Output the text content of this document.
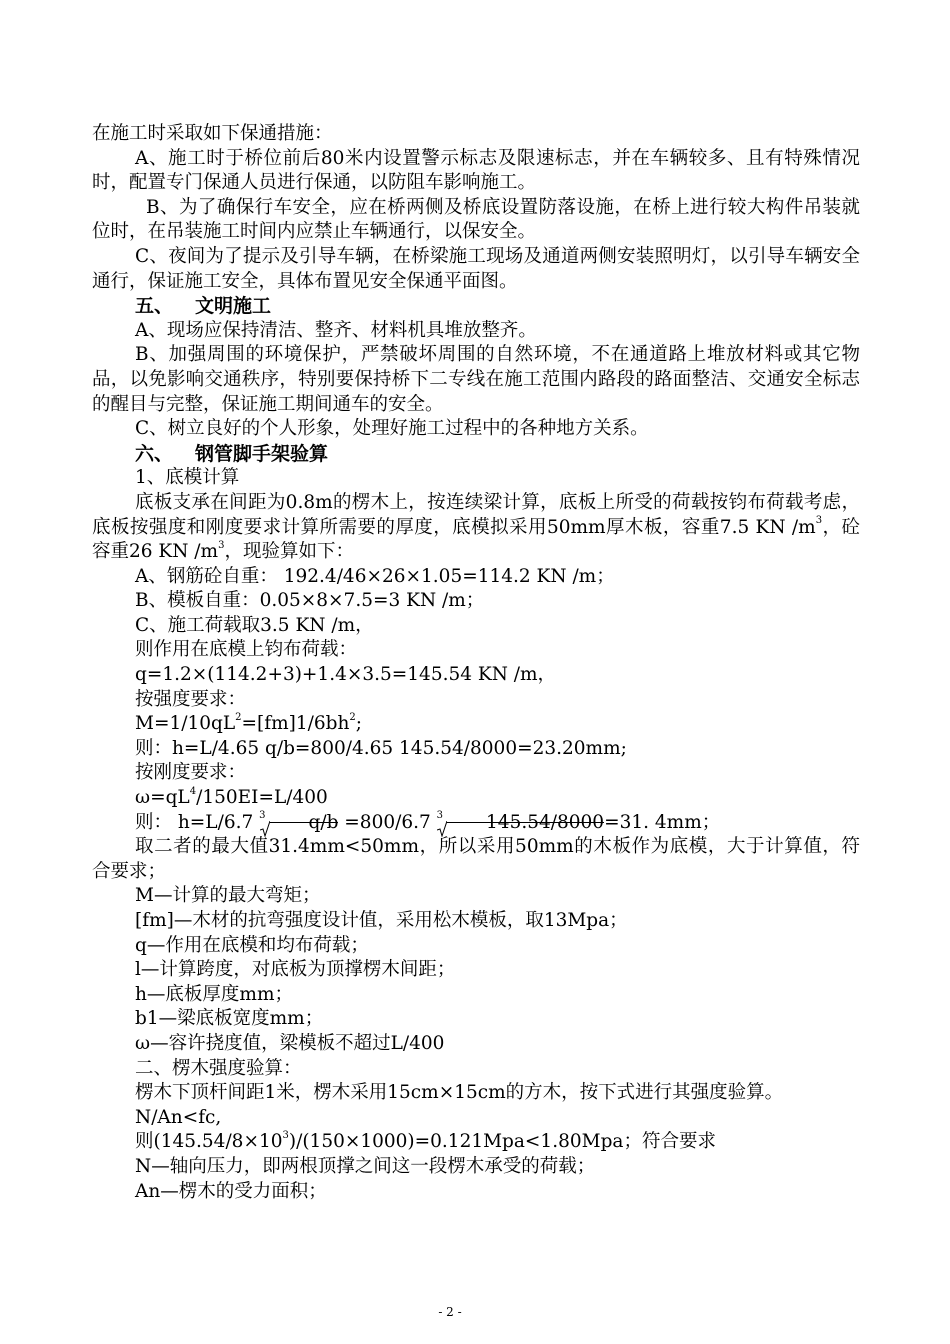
在施工时采取如下保通措施：

A、施工时于桥位前后80米内设置警示标志及限速标志，并在车辆较多、且有特殊情况时，配置专门保通人员进行保通，以防阻车影响施工。

B、为了确保行车安全，应在桥两侧及桥底设置防落设施，在桥上进行较大构件吊装就位时，在吊装施工时间内应禁止车辆通行，以保安全。

C、夜间为了提示及引导车辆，在桥梁施工现场及通道两侧安装照明灯，以引导车辆安全通行，保证施工安全，具体布置见安全保通平面图。

五、 文明施工

A、现场应保持清洁、整齐、材料机具堆放整齐。

B、加强周围的环境保护，严禁破坏周围的自然环境，不在通道路上堆放材料或其它物品，以免影响交通秩序，特别要保持桥下二专线在施工范围内路段的路面整洁、交通安全标志的醒目与完整，保证施工期间通车的安全。

C、树立良好的个人形象，处理好施工过程中的各种地方关系。

六、 钢管脚手架验算

1、底模计算

底板支承在间距为0.8m的楞木上，按连续梁计算，底板上所受的荷载按钧布荷载考虑，底板按强度和刚度要求计算所需要的厚度，底模拟采用50mm厚木板，容重7.5 KN $/m^3$，砼容重26 KN $/m^3$，现验算如下：

A、钢筋砼自重： 192.4/46×26×1.05=114.2 KN /m；

B、模板自重：0.05×8×7.5=3 KN /m；

C、施工荷载取3.5 KN /m，

则作用在底模上钧布荷载：

q=1.2×(114.2+3)+1.4×3.5=145.54 KN /m，

按强度要求：

$M=1/10qL^2=[fm]1/6bh^2$;

则：h=L/4.65 q/b=800/4.65 145.54/8000=23.20mm;

按刚度要求：

$\omega=qL^4/150EI=L/400$

则： h=L/6.7 $^3$ q/b =800/6.7 $^3$ 145.54/8000=31. 4mm；

取二者的最大值31.4mm<50mm，所以采用50mm的木板作为底模，大于计算值，符合要求；

M—计算的最大弯矩；

[fm]—木材的抗弯强度设计值，采用松木模板，取13Mpa；

q—作用在底模和均布荷载；

l—计算跨度，对底板为顶撑楞木间距；

h—底板厚度mm；

b1—梁底板宽度mm；

ω—容许挠度值，梁模板不超过L/400

二、楞木强度验算：

楞木下顶杆间距1米，楞木采用15cm×15cm的方木，按下式进行其强度验算。

N/An<fc,

则$(145.54/8\times 10^3)/(150\times 1000)=0.121Mpa<1.80Mpa$；符合要求

N—轴向压力，即两根顶撑之间这一段楞木承受的荷载；

An—楞木的受力面积；

- 2 -
